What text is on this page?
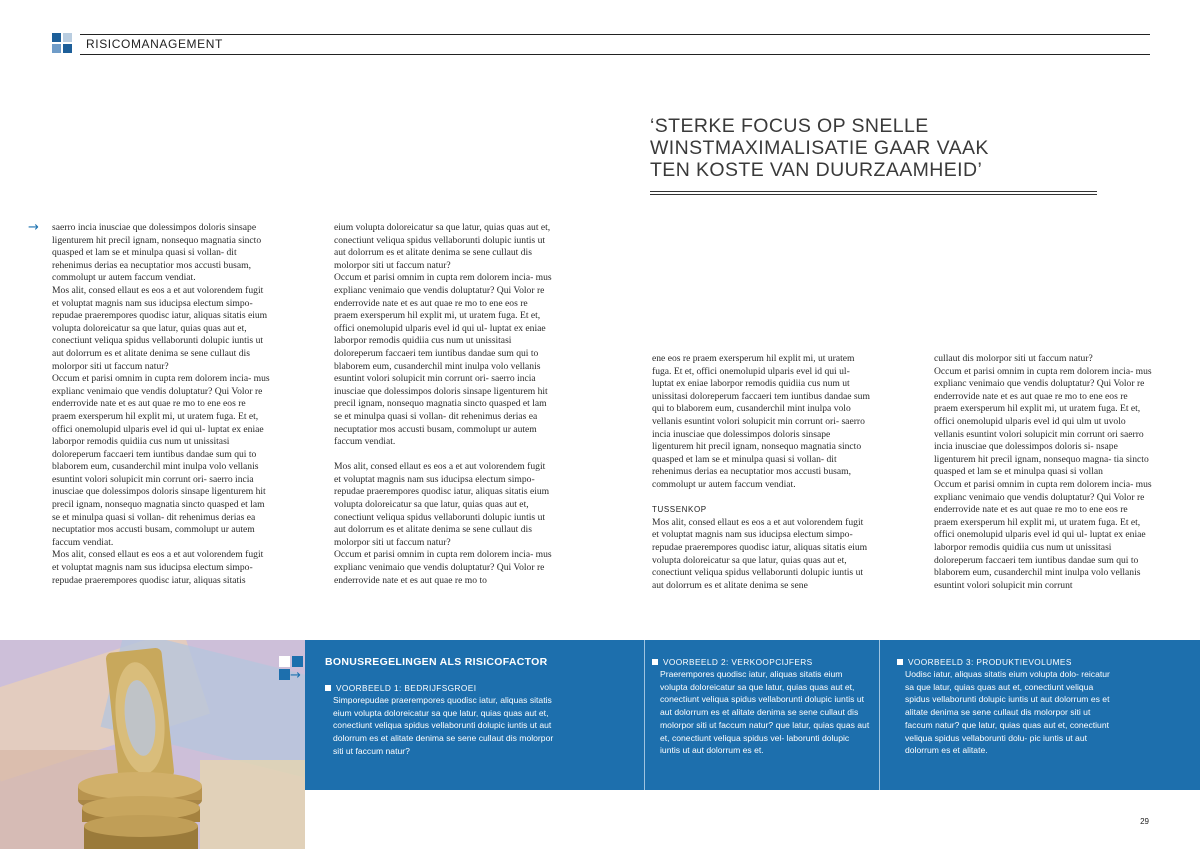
RISICOMANAGEMENT
‘STERKE FOCUS OP SNELLE
WINSTMAXIMALISATIE GAAR VAAK
TEN KOSTE VAN DUURZAAMHEID’
→ saerro incia inusciae que dolessimpos doloris sinsape ligenturem hit precil ignam, nonsequo magnatia sincto quasped et lam se et minulpa quasi si vollan- dit rehenimus derias ea necuptatior mos accusti busam, commolupt ur autem faccum vendiat.

Mos alit, consed ellaut es eos a et aut volorendem fugit et voluptat magnis nam sus iducipsa electum simpo- repudae praerempores quodisc iatur, aliquas sitatis eium volupta doloreicatur sa que latur, quias quas aut et, conectiunt veliqua spidus vellaborunti dolupic iuntis ut aut dolorrum es et alitate denima se sene cullaut dis molorpor siti ut faccum natur?

Occum et parisi omnim in cupta rem dolorem incia- mus explianc venimaio que vendis doluptatur? Qui Volor re enderrovide nate et es aut quae re mo to ene eos re praem exersperum hil explit mi, ut uratem fuga. Et et, offici onemolupid ulparis evel id qui ul- luptat ex eniae laborpor remodis quidiia cus num ut unissitasi doloreperum faccaeri tem iuntibus dandae sum qui to blaborem eum, cusanderchil mint inulpa volo vellanis esuntint volori solupicit min corrunt ori- saerro incia inusciae que dolessimpos doloris sinsape ligenturem hit precil ignam, nonsequo magnatia sincto quasped et lam se et minulpa quasi si vollan- dit rehenimus derias ea necuptatior mos accusti busam, commolupt ur autem faccum vendiat.

Mos alit, consed ellaut es eos a et aut volorendem fugit et voluptat magnis nam sus iducipsa electum simpo- repudae praerempores quodisc iatur, aliquas sitatis

eium volupta doloreicatur sa que latur, quias quas aut et, conectiunt veliqua spidus vellaborunti dolupic iuntis ut aut dolorrum es et alitate denima se sene cullaut dis molorpor siti ut faccum natur?

Occum et parisi omnim in cupta rem dolorem incia- mus explianc venimaio que vendis doluptatur? Qui Volor re enderrovide nate et es aut quae re mo to ene eos re praem exersperum hil explit mi, ut uratem fuga. Et et, offici onemolupid ulparis evel id qui ul- luptat ex eniae laborpor remodis quidiia cus num ut unissitasi doloreperum faccaeri tem iuntibus dandae sum qui to blaborem eum, cusanderchil mint inulpa volo vellanis esuntint volori solupicit min corrunt ori- saerro incia inusciae que dolessimpos doloris sinsape ligenturem hit precil ignam, nonsequo magnatia sincto quasped et lam se et minulpa quasi si vollan- dit rehenimus derias ea necuptatior mos accusti busam, commolupt ur autem faccum vendiat.

Mos alit, consed ellaut es eos a et aut volorendem fugit et voluptat magnis nam sus iducipsa electum simpo- repudae praerempores quodisc iatur, aliquas sitatis eium volupta doloreicatur sa que latur, quias quas aut et, conectiunt veliqua spidus vellaborunti dolupic iuntis ut aut dolorrum es et alitate denima se sene cullaut dis molorpor siti ut faccum natur?

Occum et parisi omnim in cupta rem dolorem incia- mus explianc venimaio que vendis doluptatur? Qui Volor re enderrovide nate et es aut quae re mo to

ene eos re praem exersperum hil explit mi, ut uratem fuga. Et et, offici onemolupid ulparis evel id qui ul- luptat ex eniae laborpor remodis quidiia cus num ut unissitasi doloreperum faccaeri tem iuntibus dandae sum qui to blaborem eum, cusanderchil mint inulpa volo vellanis esuntint volori solupicit min corrunt ori- saerro incia inusciae que dolessimpos doloris sinsape ligenturem hit precil ignam, nonsequo magnatia sincto quasped et lam se et minulpa quasi si vollan- dit rehenimus derias ea necuptatior mos accusti busam, commolupt ur autem faccum vendiat.

TUSSENKOP

Mos alit, consed ellaut es eos a et aut volorendem fugit et voluptat magnis nam sus iducipsa electum simpo- repudae praerempores quodisc iatur, aliquas sitatis eium volupta doloreicatur sa que latur, quias quas aut et, conectiunt veliqua spidus vellaborunti dolupic iuntis ut aut dolorrum es et alitate denima se sene

cullaut dis molorpor siti ut faccum natur?

Occum et parisi omnim in cupta rem dolorem incia- mus explianc venimaio que vendis doluptatur? Qui Volor re enderrovide nate et es aut quae re mo to ene eos re praem exersperum hil explit mi, ut uratem fuga. Et et, offici onemolupid ulparis evel id qui ulm ut uvolo vellanis esuntint volori solupicit min corrunt ori saerro incia inusciae que dolessimpos doloris si- nsape ligenturem hit precil ignam, nonsequo magna- tia sincto quasped et lam se et minulpa quasi si vollan

Occum et parisi omnim in cupta rem dolorem incia- mus explianc venimaio que vendis doluptatur? Qui Volor re enderrovide nate et es aut quae re mo to ene eos re praem exersperum hil explit mi, ut uratem fuga. Et et, offici onemolupid ulparis evel id qui ul- luptat ex eniae laborpor remodis quidiia cus num ut unissitasi doloreperum faccaeri tem iuntibus dandae sum qui to blaborem eum, cusanderchil mint inulpa volo vellanis esuntint volori solupicit min corrunt

→
BONUSREGELINGEN ALS RISICOFACTOR
VOORBEELD 1: BEDRIJFSGROEI
Simporepudae praerempores quodisc iatur, aliquas sitatis eium volupta doloreicatur sa que latur, quias quas aut et, conectiunt veliqua spidus vellaborunti dolupic iuntis ut aut dolorrum es et alitate denima se sene cullaut dis molorpor siti ut faccum natur?
VOORBEELD 2: VERKOOPCIJFERS
Praerempores quodisc iatur, aliquas sitatis eium volupta doloreicatur sa que latur, quias quas aut et, conectiunt veliqua spidus vellaborunti dolupic iuntis ut aut dolorrum es et alitate denima se sene cullaut dis molorpor siti ut faccum natur? que latur, quias quas aut et, conectiunt veliqua spidus vel- laborunti dolupic iuntis ut aut dolorrum es et.
VOORBEELD 3: PRODUKTIEVOLUMES
Uodisc iatur, aliquas sitatis eium volupta dolo- reicatur sa que latur, quias quas aut et, conectiunt veliqua spidus vellaborunti dolupic iuntis ut aut dolorrum es et alitate denima se sene cullaut dis molorpor siti ut faccum natur? que latur, quias quas aut et, conectiunt veliqua spidus vellaborunti dolu- pic iuntis ut aut dolorrum es et alitate.
29
